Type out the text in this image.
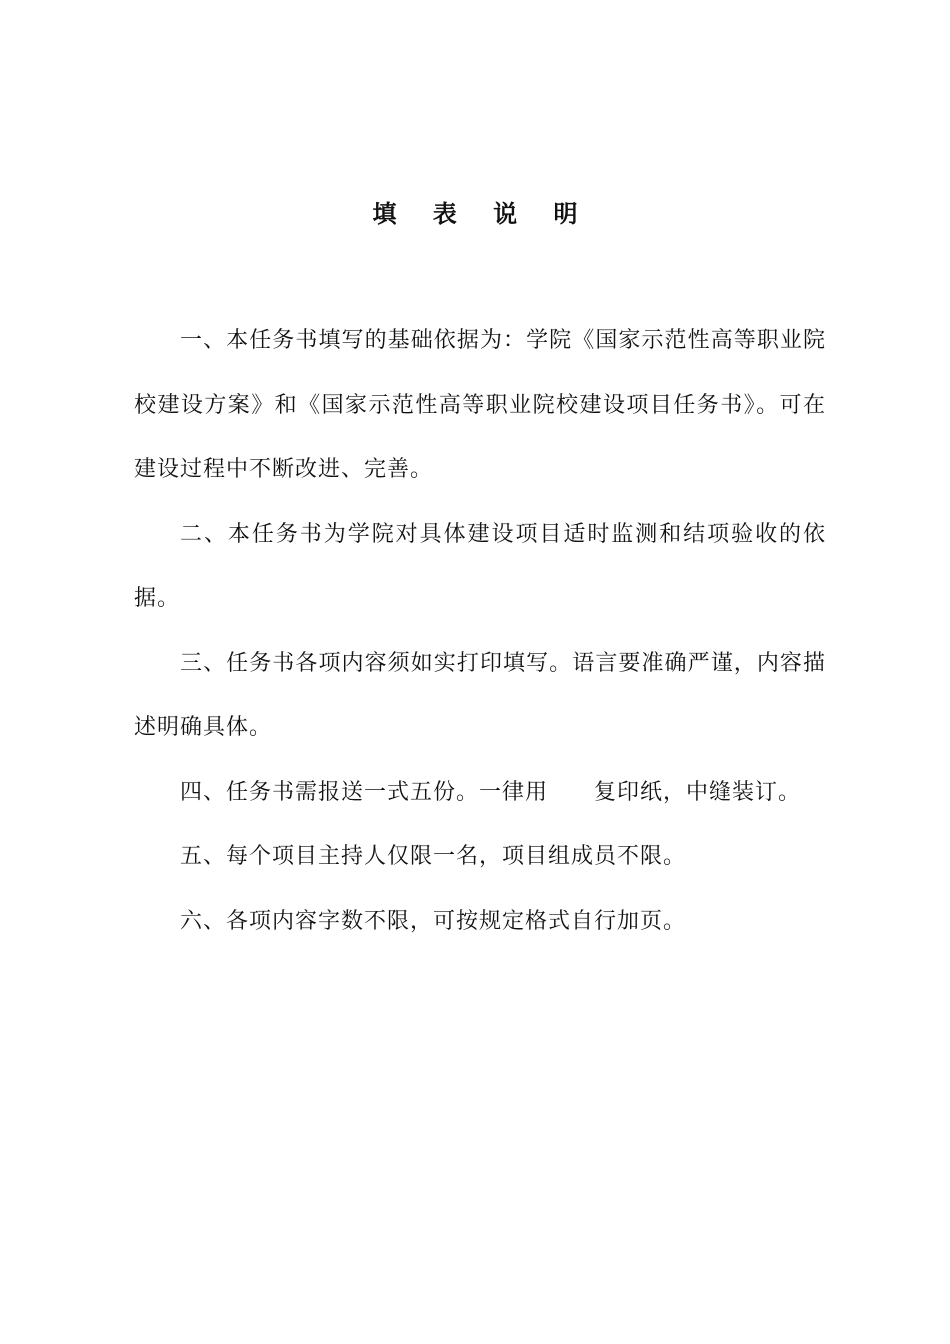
填 表 说 明

一、本任务书填写的基础依据为：学院《国家示范性高等职业院校建设方案》和《国家示范性高等职业院校建设项目任务书》。可在建设过程中不断改进、完善。

二、本任务书为学院对具体建设项目适时监测和结项验收的依据。

三、任务书各项内容须如实打印填写。语言要准确严谨，内容描述明确具体。

四、任务书需报送一式五份。一律用 复印纸，中缝装订。

五、每个项目主持人仅限一名，项目组成员不限。

六、各项内容字数不限，可按规定格式自行加页。
